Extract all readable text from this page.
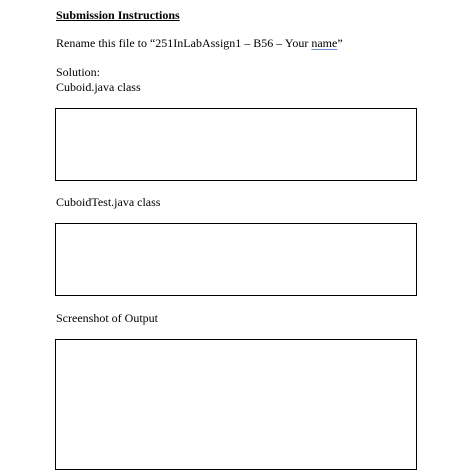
Submission Instructions
Rename this file to “251InLabAssign1 – B56 – Your name”
Solution:
Cuboid.java class
CuboidTest.java class
Screenshot of Output
